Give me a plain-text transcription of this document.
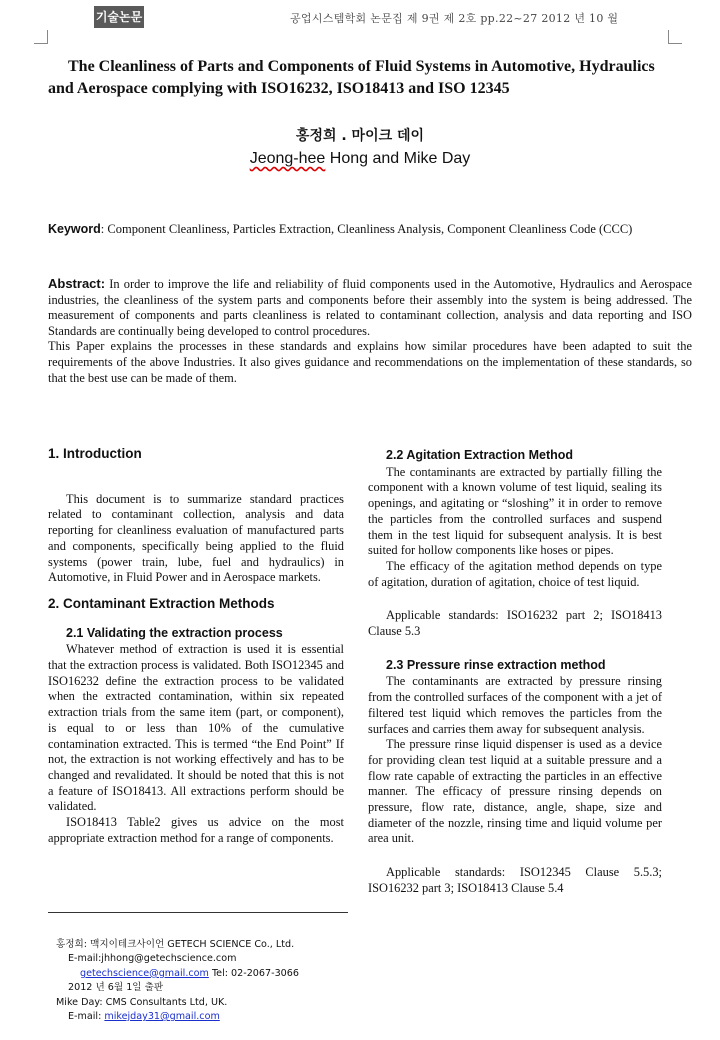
기술논문	공업시스템학회 논문집 제 9권 제 2호 pp.22~27 2012 년 10 월
The Cleanliness of Parts and Components of Fluid Systems in Automotive, Hydraulics
and Aerospace complying with ISO16232, ISO18413 and ISO 12345
홍정희 . 마이크 데이
Jeong-hee Hong and Mike Day
Keyword: Component Cleanliness, Particles Extraction, Cleanliness Analysis, Component Cleanliness Code (CCC)

Abstract: In order to improve the life and reliability of fluid components used in the Automotive, Hydraulics and Aerospace industries, the cleanliness of the system parts and components before their assembly into the system is being addressed. The measurement of components and parts cleanliness is related to contaminant collection, analysis and data reporting and ISO Standards are continually being developed to control procedures.

This Paper explains the processes in these standards and explains how similar procedures have been adapted to suit the requirements of the above Industries. It also gives guidance and recommendations on the implementation of these standards, so that the best use can be made of them.

1. Introduction

This document is to summarize standard practices related to contaminant collection, analysis and data reporting for cleanliness evaluation of manufactured parts and components, specifically being applied to the fluid systems (power train, lube, fuel and hydraulics) in Automotive, in Fluid Power and in Aerospace markets.

2. Contaminant Extraction Methods
2.1 Validating the extraction process

Whatever method of extraction is used it is essential that the extraction process is validated. Both ISO12345 and ISO16232 define the extraction process to be validated when the extracted contamination, within six repeated extraction trials from the same item (part, or component), is equal to or less than 10% of the cumulative contamination extracted. This is termed “the End Point” If not, the extraction is not working effectively and has to be changed and revalidated. It should be noted that this is not a feature of ISO18413. All extractions perform should be validated.

ISO18413 Table2 gives us advice on the most appropriate extraction method for a range of components.

2.2 Agitation Extraction Method

The contaminants are extracted by partially filling the component with a known volume of test liquid, sealing its openings, and agitating or “sloshing” it in order to remove the particles from the controlled surfaces and suspend them in the test liquid for subsequent analysis. It is best suited for hollow components like hoses or pipes.

The efficacy of the agitation method depends on type of agitation, duration of agitation, choice of test liquid.

Applicable standards: ISO16232 part 2; ISO18413 Clause 5.3

2.3 Pressure rinse extraction method

The contaminants are extracted by pressure rinsing from the controlled surfaces of the component with a jet of filtered test liquid which removes the particles from the surfaces and carries them away for subsequent analysis.

The pressure rinse liquid dispenser is used as a device for providing clean test liquid at a suitable pressure and a flow rate capable of extracting the particles in an effective manner. The efficacy of pressure rinsing depends on pressure, flow rate, distance, angle, shape, size and diameter of the nozzle, rinsing time and liquid volume per area unit.

Applicable standards: ISO12345 Clause 5.5.3; ISO16232 part 3; ISO18413 Clause 5.4

홍정희: 맥지이테크사이언 GETECH SCIENCE Co., Ltd.
E-mail:jhhong@getechscience.com
getechscience@gmail.com Tel: 02-2067-3066
2012 년 6월 1일 출판
Mike Day: CMS Consultants Ltd, UK.
E-mail: mikejday31@gmail.com
